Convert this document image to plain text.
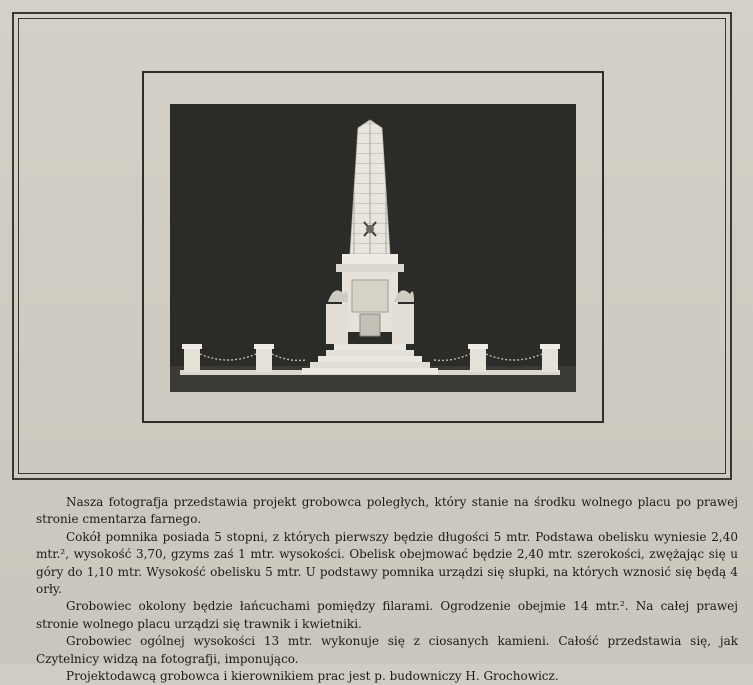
Nasza fotografja przedstawia projekt grobowca poległych, który stanie na środku wolnego placu po prawej stronie cmentarza farnego.

Cokół pomnika posiada 5 stopni, z których pierwszy będzie długości 5 mtr. Podstawa obelisku wyniesie 2,40 mtr.², wysokość 3,70, gzyms zaś 1 mtr. wysokości. Obelisk obejmować będzie 2,40 mtr. szerokości, zwężając się u góry do 1,10 mtr. Wysokość obelisku 5 mtr. U podstawy pomnika urządzi się słupki, na których wznosić się będą 4 orły.

Grobowiec okolony będzie łańcuchami pomiędzy filarami. Ogrodzenie obejmie 14 mtr.². Na całej prawej stronie wolnego placu urządzi się trawnik i kwietniki.

Grobowiec ogólnej wysokości 13 mtr. wykonuje się z ciosanych kamieni. Całość przedstawia się, jak Czytelnicy widzą na fotografji, imponująco.

Projektodawcą grobowca i kierownikiem prac jest p. budowniczy H. Grochowicz.
